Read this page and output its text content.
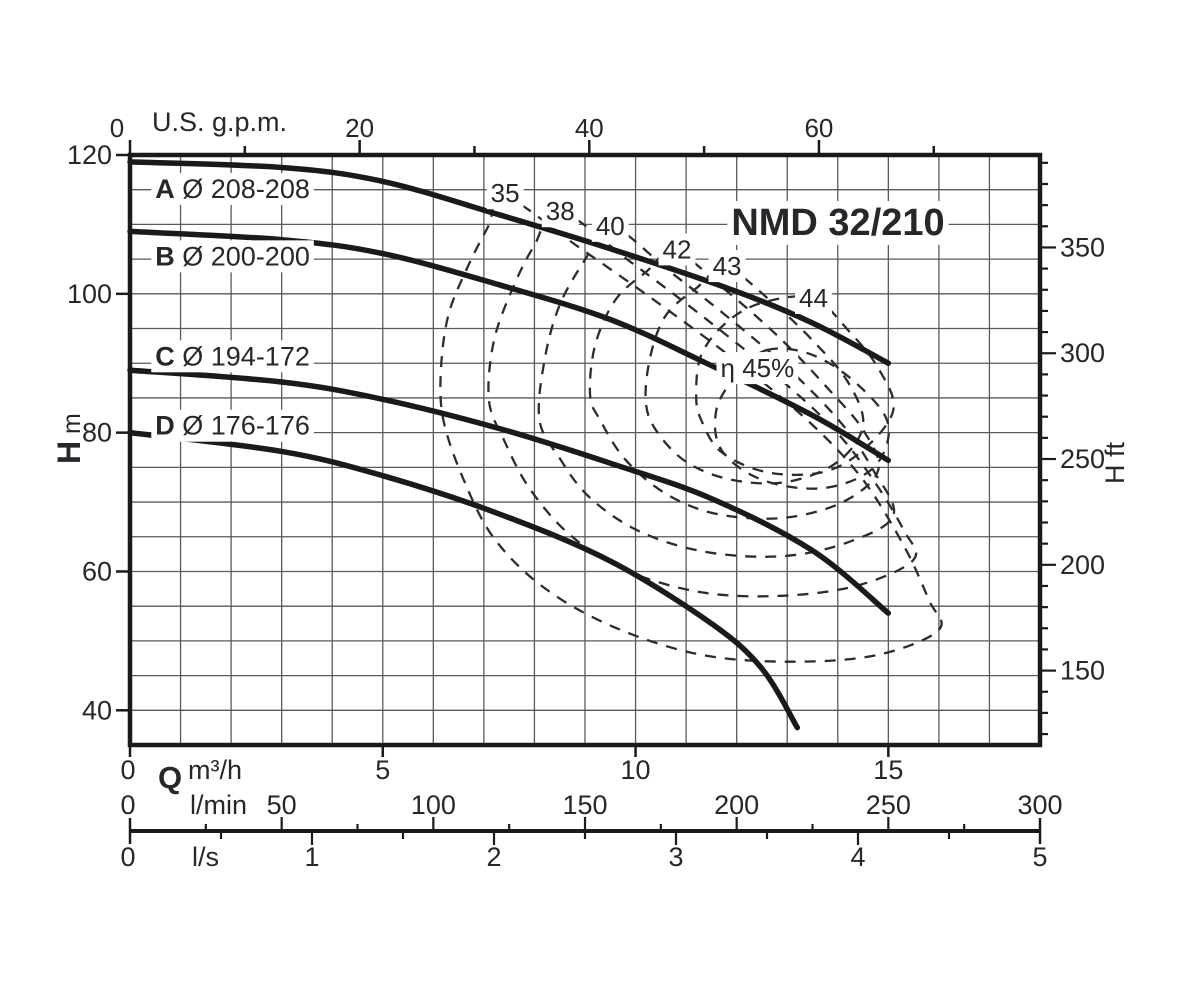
A Ø 208-208
B Ø 200-200
C Ø 194-172
D Ø 176-176
35
38 40
42
43
44
η 45%
NMD 32/210
0	20	40	60
U.S. g.p.m.
40
60
80
100
120
H m
150
200
250
300
350
H ft
0	5	10	15
Q m³/h
0	50	100	150	200	250	300
l/min
0	1	2	3	4	5
l/s
